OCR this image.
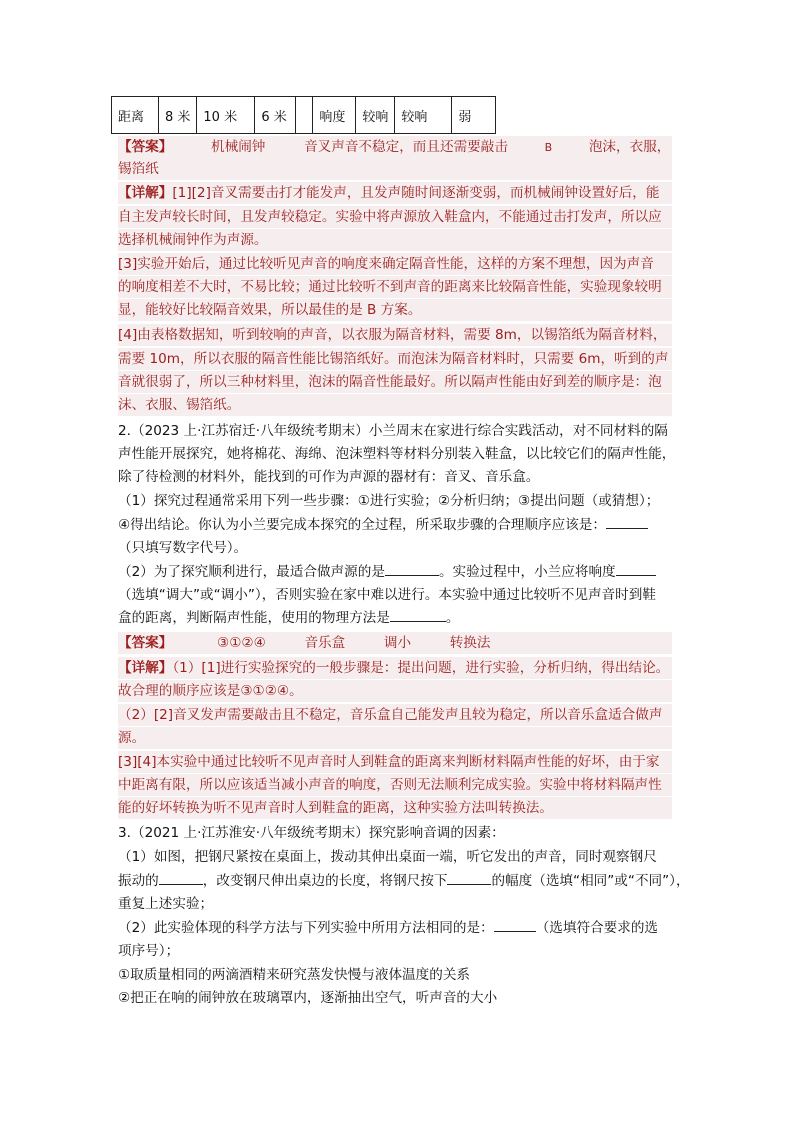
距离	8 米	10 米	6 米		响度	较响	较响	弱
【答案】	机械闹钟	音叉声音不稳定，而且还需要敲击	B	泡沫，衣服，
锡箔纸
【详解】[1][2]音叉需要击打才能发声，且发声随时间逐渐变弱，而机械闹钟设置好后，能
自主发声较长时间，且发声较稳定。实验中将声源放入鞋盒内，不能通过击打发声，所以应
选择机械闹钟作为声源。
[3]实验开始后，通过比较听见声音的响度来确定隔音性能，这样的方案不理想，因为声音
的响度相差不大时，不易比较；通过比较听不到声音的距离来比较隔音性能，实验现象较明
显，能较好比较隔音效果，所以最佳的是 B 方案。
[4]由表格数据知，听到较响的声音，以衣服为隔音材料，需要 8m，以锡箔纸为隔音材料，
需要 10m，所以衣服的隔音性能比锡箔纸好。而泡沫为隔音材料时，只需要 6m，听到的声
音就很弱了，所以三种材料里，泡沫的隔音性能最好。所以隔声性能由好到差的顺序是：泡
沫、衣服、锡箔纸。
2.（2023 上·江苏宿迁·八年级统考期末）小兰周末在家进行综合实践活动，对不同材料的隔
声性能开展探究，她将棉花、海绵、泡沫塑料等材料分别装入鞋盒，以比较它们的隔声性能，
除了待检测的材料外，能找到的可作为声源的器材有：音叉、音乐盒。
（1）探究过程通常采用下列一些步骤：①进行实验；②分析归纳；③提出问题（或猜想）；
④得出结论。你认为小兰要完成本探究的全过程，所采取步骤的合理顺序应该是：
（只填写数字代号）。
（2）为了探究顺利进行，最适合做声源的是	。实验过程中，小兰应将响度
（选填“调大”或“调小”），否则实验在家中难以进行。本实验中通过比较听不见声音时到鞋
盒的距离，判断隔声性能，使用的物理方法是	。
【答案】	③①②④	音乐盒	调小	转换法
【详解】（1）[1]进行实验探究的一般步骤是：提出问题，进行实验，分析归纳，得出结论。
故合理的顺序应该是③①②④。
（2）[2]音叉发声需要敲击且不稳定，音乐盒自己能发声且较为稳定，所以音乐盒适合做声
源。
[3][4]本实验中通过比较听不见声音时人到鞋盒的距离来判断材料隔声性能的好坏，由于家
中距离有限，所以应该适当减小声音的响度，否则无法顺利完成实验。实验中将材料隔声性
能的好坏转换为听不见声音时人到鞋盒的距离，这种实验方法叫转换法。
3.（2021 上·江苏淮安·八年级统考期末）探究影响音调的因素：
（1）如图，把钢尺紧按在桌面上，拨动其伸出桌面一端，听它发出的声音，同时观察钢尺
振动的	，改变钢尺伸出桌边的长度，将钢尺按下	的幅度（选填“相同”或“不同”），
重复上述实验；
（2）此实验体现的科学方法与下列实验中所用方法相同的是：	（选填符合要求的选
项序号）；
①取质量相同的两滴酒精来研究蒸发快慢与液体温度的关系
②把正在响的闹钟放在玻璃罩内，逐渐抽出空气，听声音的大小
